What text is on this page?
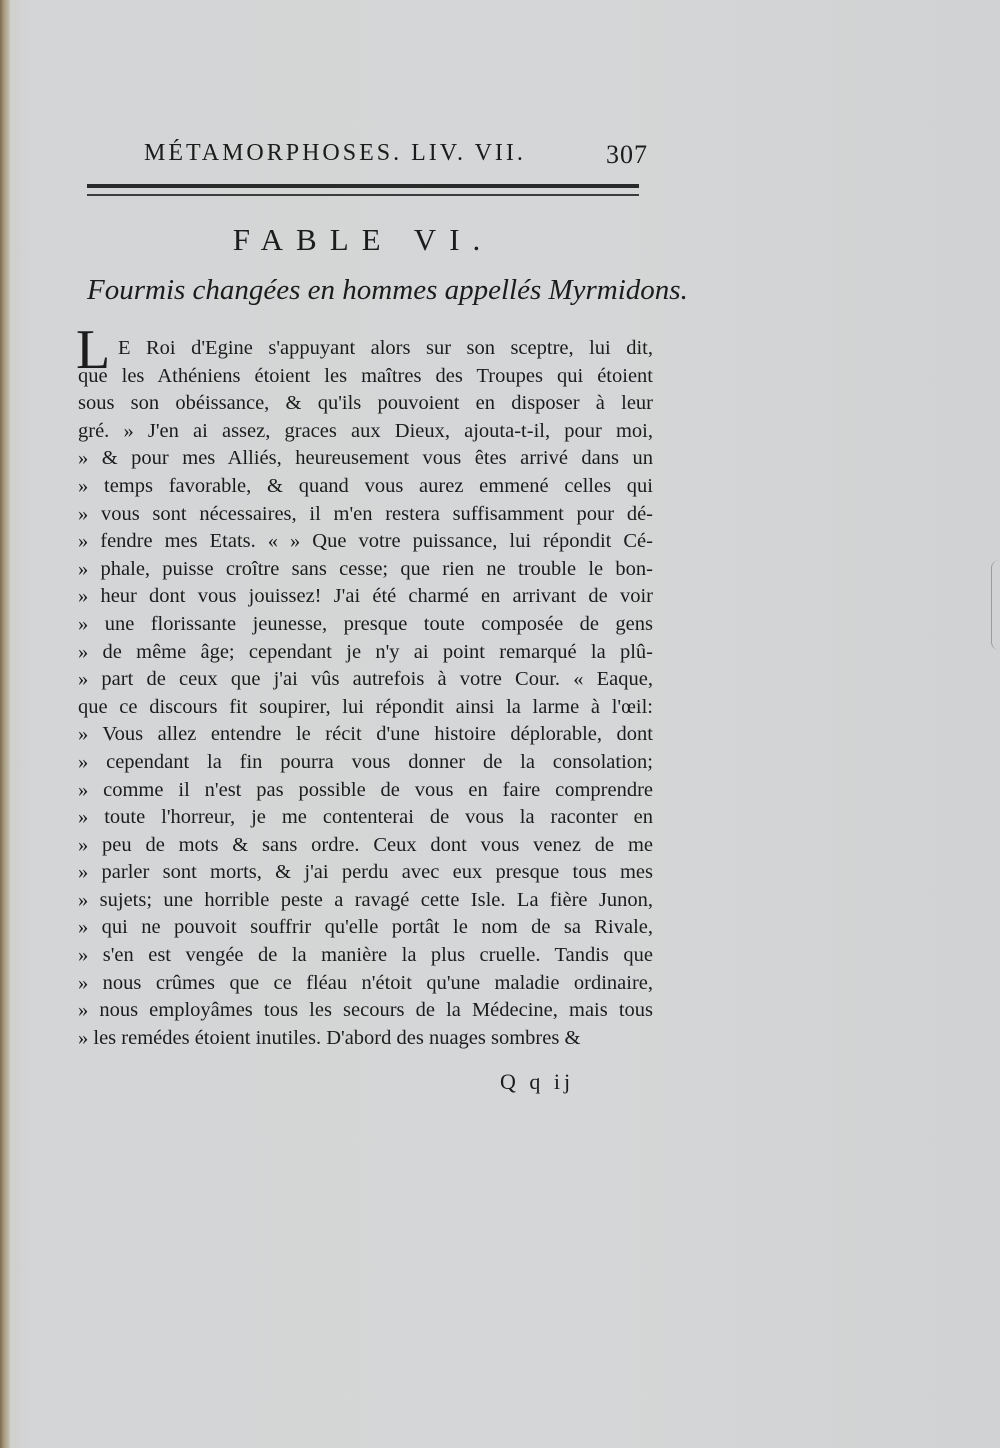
MÉTAMORPHOSES. LIV. VII.	307
FABLE VI.
Fourmis changées en hommes appellés Myrmidons.
L E Roi d'Egine s'appuyant alors sur son sceptre, lui dit,
que les Athéniens étoient les maîtres des Troupes qui étoient
sous son obéissance, & qu'ils pouvoient en disposer à leur
gré. » J'en ai assez, graces aux Dieux, ajouta-t-il, pour moi,
» & pour mes Alliés, heureusement vous êtes arrivé dans un
» temps favorable, & quand vous aurez emmené celles qui
» vous sont nécessaires, il m'en restera suffisamment pour dé-
» fendre mes Etats. « » Que votre puissance, lui répondit Cé-
» phale, puisse croître sans cesse; que rien ne trouble le bon-
» heur dont vous jouissez! J'ai été charmé en arrivant de voir
» une florissante jeunesse, presque toute composée de gens
» de même âge; cependant je n'y ai point remarqué la plû-
» part de ceux que j'ai vûs autrefois à votre Cour. « Eaque,
que ce discours fit soupirer, lui répondit ainsi la larme à l'œil:
» Vous allez entendre le récit d'une histoire déplorable, dont
» cependant la fin pourra vous donner de la consolation;
» comme il n'est pas possible de vous en faire comprendre
» toute l'horreur, je me contenterai de vous la raconter en
» peu de mots & sans ordre. Ceux dont vous venez de me
» parler sont morts, & j'ai perdu avec eux presque tous mes
» sujets; une horrible peste a ravagé cette Isle. La fière Junon,
» qui ne pouvoit souffrir qu'elle portât le nom de sa Rivale,
» s'en est vengée de la manière la plus cruelle. Tandis que
» nous crûmes que ce fléau n'étoit qu'une maladie ordinaire,
» nous employâmes tous les secours de la Médecine, mais tous
» les remédes étoient inutiles. D'abord des nuages sombres &
Q q ij
